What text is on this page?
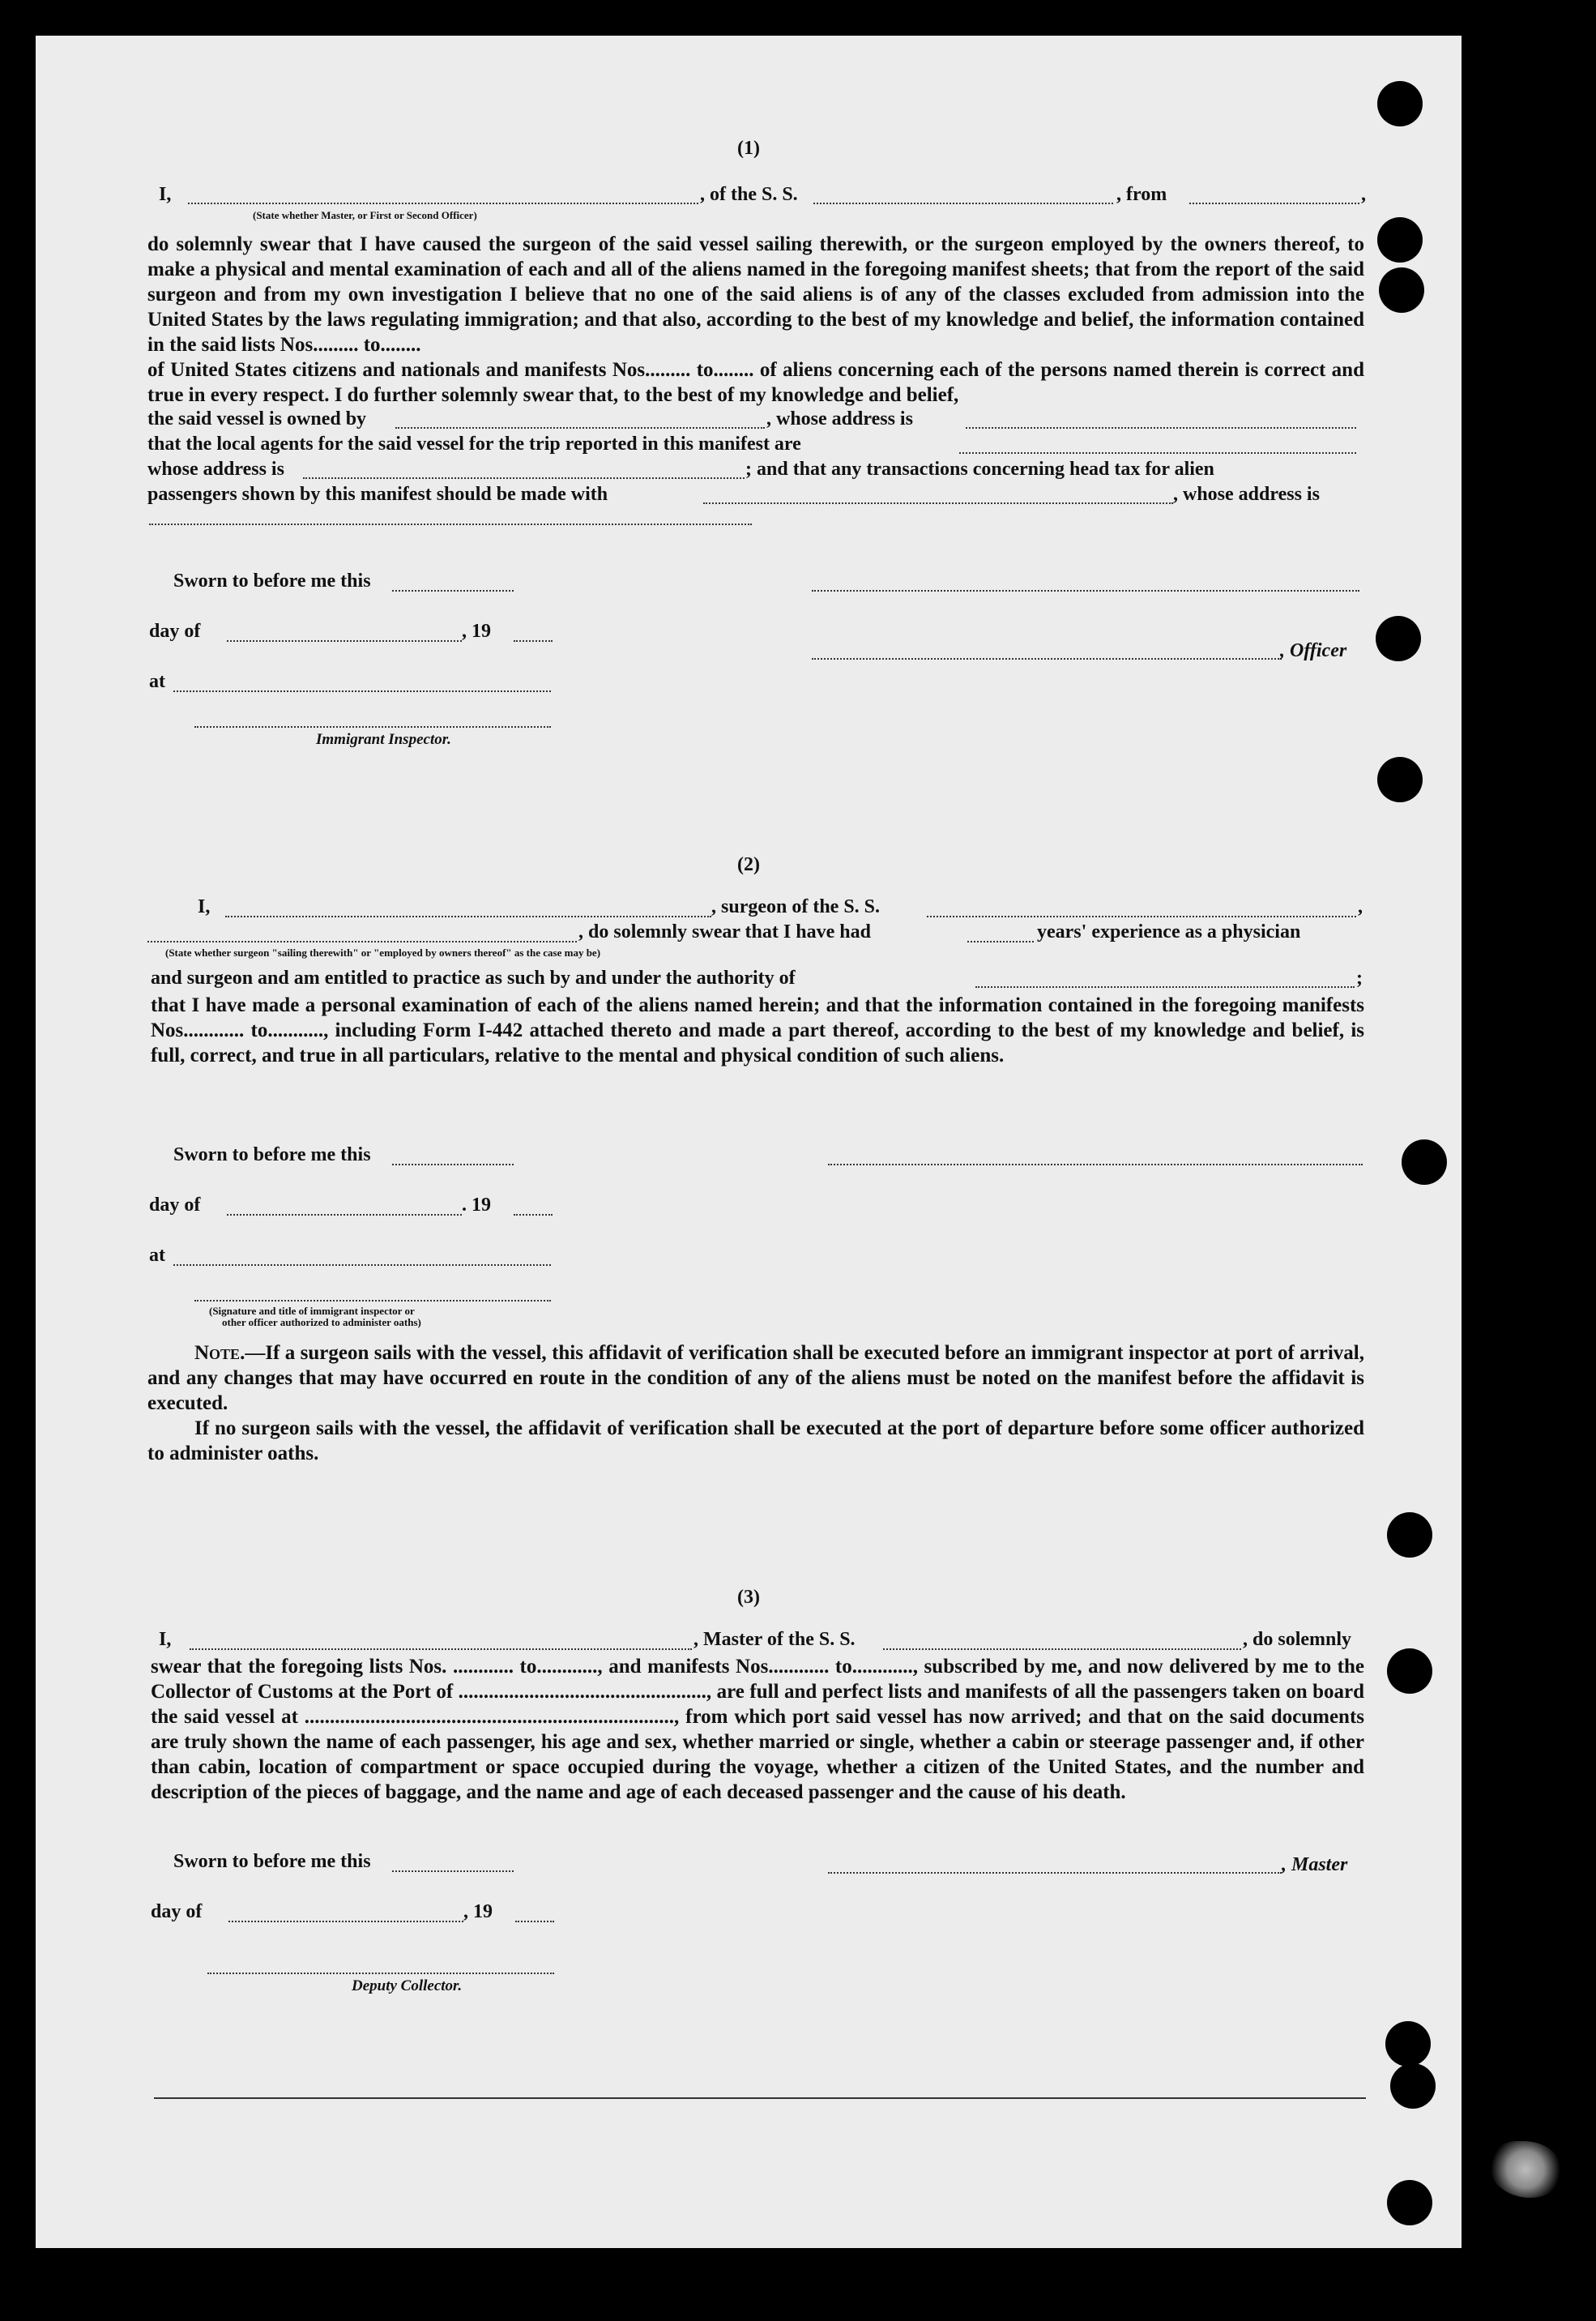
(1)
I,	, of the S. S.	, from	,
(State whether Master, or First or Second Officer)

do solemnly swear that I have caused the surgeon of the said vessel sailing therewith, or the surgeon employed by the owners thereof, to make a physical and mental examination of each and all of the aliens named in the foregoing manifest sheets; that from the report of the said surgeon and from my own investigation I believe that no one of the said aliens is of any of the classes excluded from admission into the United States by the laws regulating immigration; and that also, according to the best of my knowledge and belief, the information contained in the said lists Nos......... to........

of United States citizens and nationals and manifests Nos......... to........ of aliens concerning each of the persons named therein is correct and true in every respect. I do further solemnly swear that, to the best of my knowledge and belief,

the said vessel is owned by	, whose address is
that the local agents for the said vessel for the trip reported in this manifest are
whose address is	; and that any transactions concerning head tax for alien
passengers shown by this manifest should be made with	, whose address is
Sworn to before me this
day of	, 19
, Officer
at
Immigrant Inspector.
(2)
I,	, surgeon of the S. S.	,
, do solemnly swear that I have had	years' experience as a physician
(State whether surgeon "sailing therewith" or "employed by owners thereof" as the case may be)
and surgeon and am entitled to practice as such by and under the authority of	;
that I have made a personal examination of each of the aliens named herein; and that the information contained in the foregoing manifests Nos............ to..........., including Form I-442 attached thereto and made a part thereof, according to the best of my knowledge and belief, is full, correct, and true in all particulars, relative to the mental and physical condition of such aliens.
Sworn to before me this
day of	. 19
at
(Signature and title of immigrant inspector or
other officer authorized to administer oaths)

Note.—If a surgeon sails with the vessel, this affidavit of verification shall be executed before an immigrant inspector at port of arrival, and any changes that may have occurred en route in the condition of any of the aliens must be noted on the manifest before the affidavit is executed.

If no surgeon sails with the vessel, the affidavit of verification shall be executed at the port of departure before some officer authorized to administer oaths.

(3)
I,	, Master of the S. S.	, do solemnly
swear that the foregoing lists Nos. ............ to............, and manifests Nos............ to............, subscribed by me, and now delivered by me to the Collector of Customs at the Port of ................................................., are full and perfect lists and manifests of all the passengers taken on board the said vessel at ........................................................................., from which port said vessel has now arrived; and that on the said documents are truly shown the name of each passenger, his age and sex, whether married or single, whether a cabin or steerage passenger and, if other than cabin, location of compartment or space occupied during the voyage, whether a citizen of the United States, and the number and description of the pieces of baggage, and the name and age of each deceased passenger and the cause of his death.
Sworn to before me this	, Master
day of	, 19
Deputy Collector.
